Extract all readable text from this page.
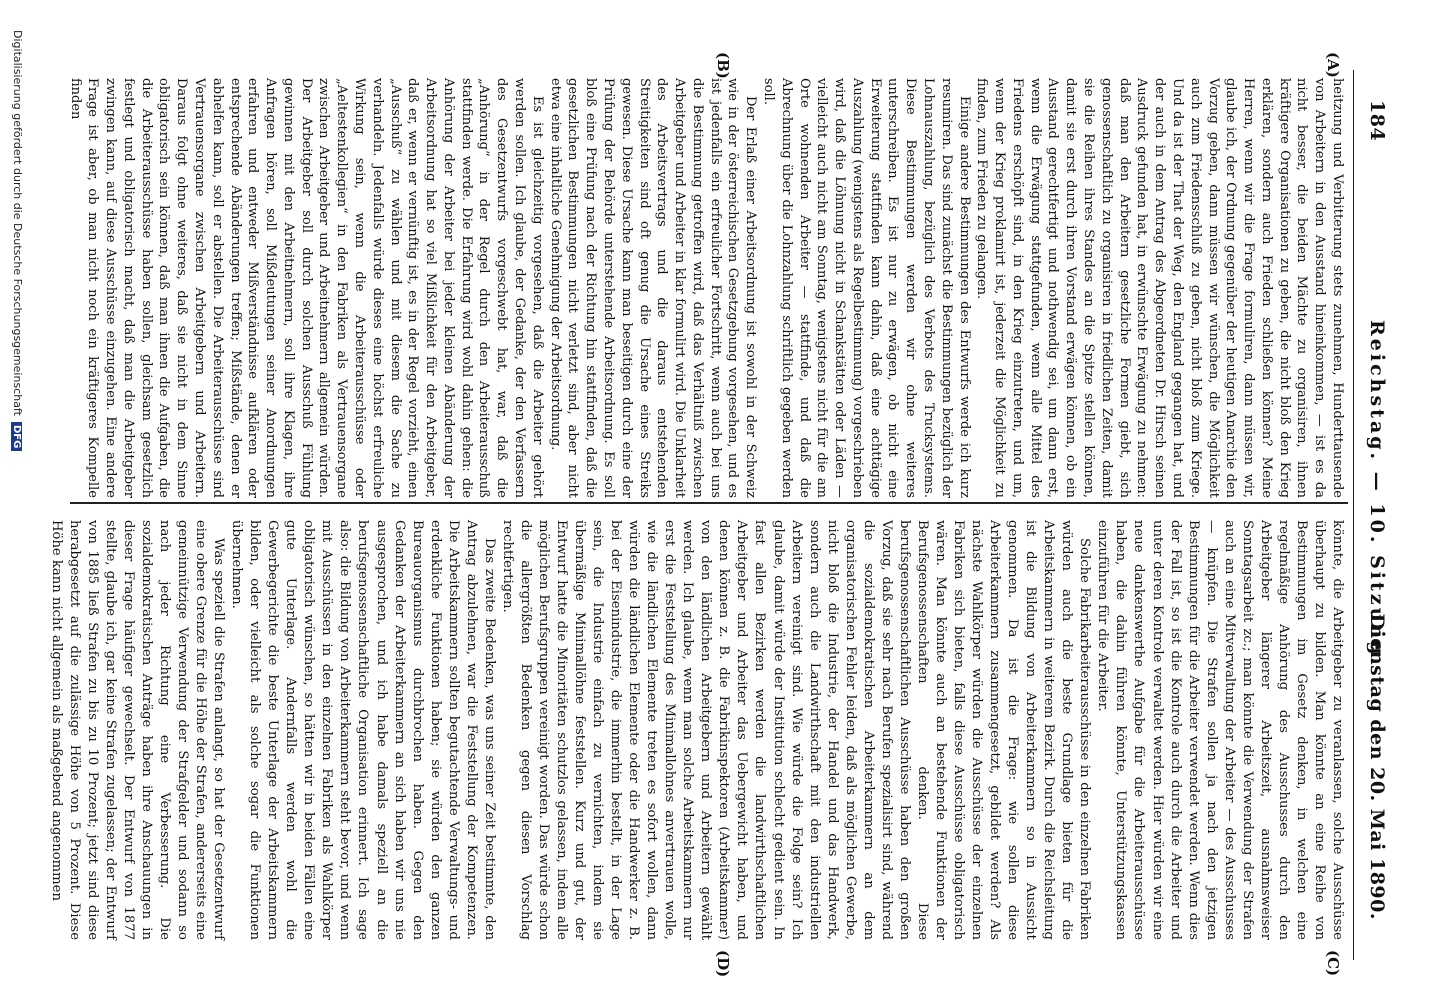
184
Reichstag. — 10. Sitzung.
Dienstag den 20. Mai 1890.
(A)
(B)
(C)
(D)

heitzung und Verbitterung stets zunehmen, Hunderttausende von Arbeitern in den Ausstand hineinkommen, — ist es da nicht besser, die beiden Mächte zu organisiren, ihnen kräftigere Organisationen zu geben, die nicht bloß den Krieg erklären, sondern auch Frieden schließen können? Meine Herren, wenn wir die Frage formuliren, dann müssen wir, glaube ich, der Ordnung gegenüber der heutigen Anarchie den Vorzug geben, dann müssen wir wünschen, die Möglichkeit auch zum Friedensschluß zu geben, nicht bloß zum Kriege. Und da ist der That der Weg, den England gegangen hat, und der auch in dem Antrag des Abgeordneten Dr. Hirsch seinen Ausdruck gefunden hat, in erwünschte Erwägung zu nehmen: daß man den Arbeitern gesetzliche Formen giebt, sich genossenschaftlich zu organisiren in friedlichen Zeiten, damit sie die Reihen ihres Standes an die Spitze stellen können, damit sie erst durch ihren Vorstand erwägen können, ob ein Ausstand gerechtfertigt und nothwendig sei, um dann erst, wenn die Erwägung stattgefunden, wenn alle Mittel des Friedens erschöpft sind, in den Krieg einzutreten, und um, wenn der Krieg proklamirt ist, jederzeit die Möglichkeit zu finden, zum Frieden zu gelangen.

Einige andere Bestimmungen des Entwurfs werde ich kurz resumiren. Das sind zunächst die Bestimmungen bezüglich der Lohnauszahlung, bezüglich des Verbots des Trucksystems. Diese Bestimmungen werden wir ohne weiteres unterschreiben. Es ist nur zu erwägen, ob nicht eine Erweiterung stattfinden kann dahin, daß eine achttägige Auszahlung (wenigstens als Regelbestimmung) vorgeschrieben wird, daß die Löhnung nicht in Schankstätten oder Läden — vielleicht auch nicht am Sonntag, wenigstens nicht für die am Orte wohnenden Arbeiter — stattfinde, und daß die Abrechnung über die Lohnzahlung schriftlich gegeben werden soll.

Der Erlaß einer Arbeitsordnung ist sowohl in der Schweiz wie in der österreichischen Gesetzgebung vorgesehen, und es ist jedenfalls ein erfreulicher Fortschritt, wenn auch bei uns die Bestimmung getroffen wird, daß das Verhältniß zwischen Arbeitgeber und Arbeiter in klar formulirt wird. Die Unklarheit des Arbeitsvertrags und die daraus entstehenden Streitigkeiten sind oft genug die Ursache eines Streiks gewesen. Diese Ursache kann man beseitigen durch eine der Prüfung der Behörde unterstehende Arbeitsordnung. Es soll bloß eine Prüfung nach der Richtung hin stattfinden, daß die gesetzlichen Bestimmungen nicht verletzt sind, aber nicht etwa eine inhaltliche Genehmigung der Arbeitsordnung.

Es ist gleichzeitig vorgesehen, daß die Arbeiter gehört werden sollen. Ich glaube, der Gedanke, der den Verfassern des Gesetzentwurfs vorgeschwebt hat, war, daß die „Anhörung“ in der Regel durch den Arbeiterausschuß stattfinden werde. Die Erfahrung wird wohl dahin gehen: die Anhörung der Arbeiter bei jeder kleinen Abänderung der Arbeitsordnung hat so viel Mißlichkeit für den Arbeitgeber, daß er, wenn er vernünftig ist, es in der Regel vorzieht, einen „Ausschuß“ zu wählen und mit diesem die Sache zu verhandeln. Jedenfalls würde dieses eine höchst erfreuliche Wirkung sein, wenn die Arbeiterausschüsse oder „Aeltestenkollegien“ in den Fabriken als Vertrauensorgane zwischen Arbeitgeber und Arbeitnehmern allgemein würden. Der Arbeitgeber soll durch solchen Ausschuß Fühlung gewinnen mit den Arbeitnehmern, soll ihre Klagen, ihre Anfragen hören, soll Mißdeutungen seiner Anordnungen erfahren und entweder Mißverständnisse aufklären oder entsprechende Abänderungen treffen; Mißstände, denen er abhelfen kann, soll er abstellen. Die Arbeiterausschüsse sind Vertrauensorgane zwischen Arbeitgebern und Arbeitern. Daraus folgt ohne weiteres, daß sie nicht in dem Sinne obligatorisch sein können, daß man ihnen die Aufgaben, die die Arbeiterausschüsse haben sollen, gleichsam gesetzlich festlegt und obligatorisch macht, daß man die Arbeitgeber zwingen kann, auf diese Ausschüsse einzugehen. Eine andere Frage ist aber, ob man nicht noch ein kräftigeres Kompelle finden

könnte, die Arbeitgeber zu veranlassen, solche Ausschüsse überhaupt zu bilden. Man könnte an eine Reihe von Bestimmungen im Gesetz denken, in welchen eine regelmäßige Anhörung des Ausschusses durch den Arbeitgeber längerer Arbeitszeit, ausnahmsweiser Sonntagsarbeit zc.; man könnte die Verwendung der Strafen auch an eine Mitverwaltung der Arbeiter — des Ausschusses — knüpfen. Die Strafen sollen ja nach den jetzigen Bestimmungen für die Arbeiter verwendet werden. Wenn dies der Fall ist, so ist die Kontrole auch durch die Arbeiter und unter deren Kontrole verwaltet werden. Hier würden wir eine neue dankenswerthe Aufgabe für die Arbeiterausschüsse haben, die dahin führen könnte, Unterstützungskassen einzuführen für die Arbeiter.

Solche Fabrikarbeiterausschüsse in den einzelnen Fabriken würden auch die beste Grundlage bieten für die Arbeitskammern in weiterem Bezirk. Durch die Reichsleitung ist die Bildung von Arbeiterkammern so in Aussicht genommen. Da ist die Frage: wie sollen diese Arbeiterkammern zusammengesetzt, gebildet werden? Als nächste Wahlkörper würden die Ausschüsse der einzelnen Fabriken sich bieten, falls diese Ausschüsse obligatorisch wären. Man könnte auch an bestehende Funktionen der Berufsgenossenschaften denken. Diese berufsgenossenschaftlichen Ausschüsse haben den großen Vorzug, daß sie sehr nach Berufen spezialisirt sind, während die sozialdemokratischen Arbeiterkammern an dem organisatorischen Fehler leiden, daß als möglichen Gewerbe, nicht bloß die Industrie, der Handel und das Handwerk, sondern auch die Landwirthschaft mit den industriellen Arbeitern vereinigt sind. Wie würde die Folge sein? Ich glaube, damit würde der Institution schlecht gedient sein. In fast allen Bezirken werden die landwirthschaftlichen Arbeitgeber und Arbeiter das Uebergewicht haben, und denen können z. B. die Fabrikinspektoren (Arbeitskammer) von den ländlichen Arbeitgebern und Arbeitern gewählt werden. Ich glaube, wenn man solche Arbeitskammern nur erst die Feststellung des Minimallohnes anvertrauen wolle, wie die ländlichen Elemente treten es sofort wollen, dann würden die ländlichen Elemente oder die Handwerker z. B. bei der Eisenindustrie, die immerhin bestellt, in der Lage sein, die Industrie einfach zu vernichten, indem sie übermäßige Minimallöhne feststellen. Kurz und gut, der Entwurf hatte die Minoritäten schutzlos gelassen, indem alle möglichen Berufsgruppen vereinigt worden. Das würde schon die allergrößten Bedenken gegen diesen Vorschlag rechtfertigen.

Das zweite Bedenken, was uns seiner Zeit bestimmte, den Antrag abzulehnen, war die Feststellung der Kompetenzen. Die Arbeitskammern sollten begutachtende Verwaltungs- und erdenkliche Funktionen haben; sie würden den ganzen Bureauorganismus durchbrochen haben. Gegen den Gedanken der Arbeiterkammern an sich haben wir uns nie ausgesprochen, und ich habe damals speziell an die berufsgenossenschaftliche Organisation erinnert. Ich sage also: die Bildung von Arbeiterkammern steht bevor, und wenn mit Ausschüssen in den einzelnen Fabriken als Wahlkörper obligatorisch wünschen, so hätten wir in beiden Fällen eine gute Unterlage. Andernfalls werden wohl die Gewerbegerichte die beste Unterlage der Arbeitskammern bilden, oder vielleicht als solche sogar die Funktionen übernehmen.

Was speziell die Strafen anlangt, so hat der Gesetzentwurf eine obere Grenze für die Höhe der Strafen, andererseits eine gemeinnützige Verwendung der Strafgelder und sodann so nach jeder Richtung eine Verbesserung. Die sozialdemokratischen Anträge haben ihre Anschauungen in dieser Frage häufiger gewechselt. Der Entwurf von 1877 stellte, glaube ich, gar keine Strafen zugelassen; der Entwurf von 1885 ließ Strafen zu bis zu 10 Prozent; jetzt sind diese herabgesetzt auf die zulässige Höhe von 5 Prozent. Diese Höhe kann nicht allgemein als maßgebend angenommen

Digitalisierung gefördert durch die Deutsche ForschungsgemeinschaftDFG
